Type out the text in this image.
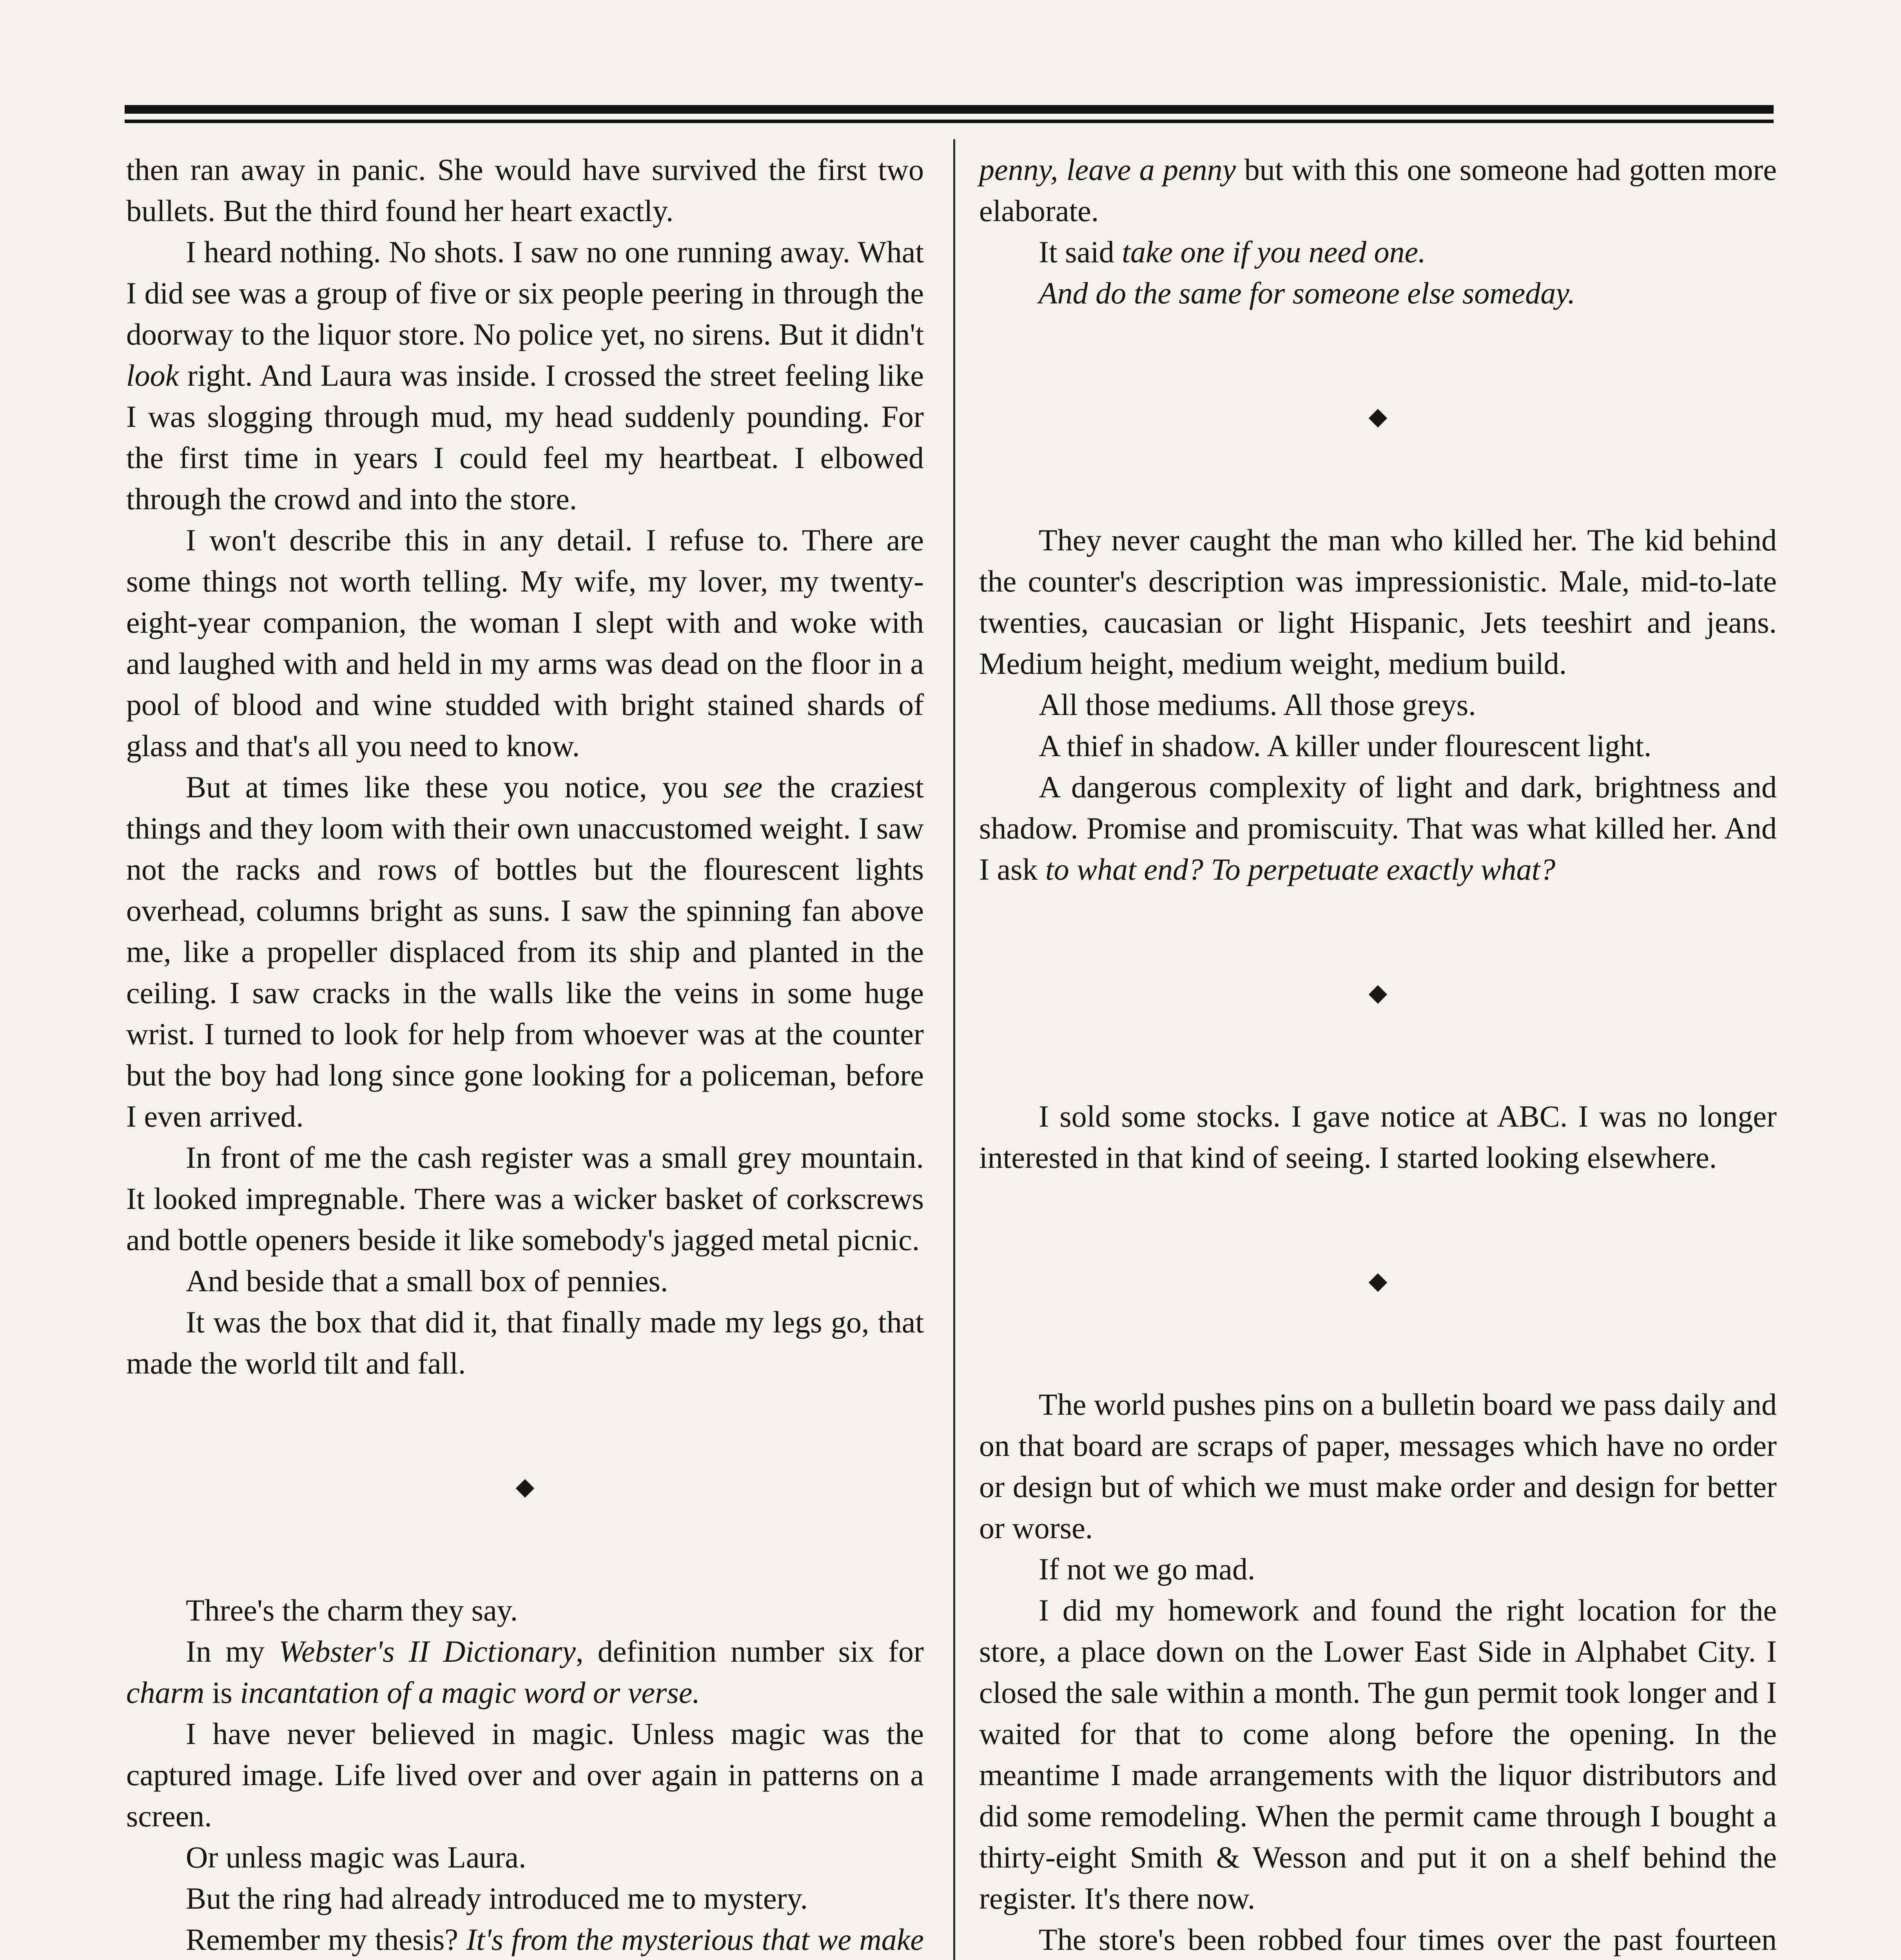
then ran away in panic. She would have survived the first two bullets. But the third found her heart exactly.

I heard nothing. No shots. I saw no one running away. What I did see was a group of five or six people peering in through the doorway to the liquor store. No police yet, no sirens. But it didn't look right. And Laura was inside. I crossed the street feeling like I was slogging through mud, my head suddenly pounding. For the first time in years I could feel my heartbeat. I elbowed through the crowd and into the store.

I won't describe this in any detail. I refuse to. There are some things not worth telling. My wife, my lover, my twenty-eight-year companion, the woman I slept with and woke with and laughed with and held in my arms was dead on the floor in a pool of blood and wine studded with bright stained shards of glass and that's all you need to know.

But at times like these you notice, you see the craziest things and they loom with their own unaccustomed weight. I saw not the racks and rows of bottles but the flourescent lights overhead, columns bright as suns. I saw the spinning fan above me, like a propeller displaced from its ship and planted in the ceiling. I saw cracks in the walls like the veins in some huge wrist. I turned to look for help from whoever was at the counter but the boy had long since gone looking for a policeman, before I even arrived.

In front of me the cash register was a small grey mountain. It looked impregnable. There was a wicker basket of corkscrews and bottle openers beside it like somebody's jagged metal picnic.

And beside that a small box of pennies.

It was the box that did it, that finally made my legs go, that made the world tilt and fall.

◆

Three's the charm they say.

In my Webster's II Dictionary, definition number six for charm is incantation of a magic word or verse.

I have never believed in magic. Unless magic was the captured image. Life lived over and over again in patterns on a screen.

Or unless magic was Laura.

But the ring had already introduced me to mystery.

Remember my thesis? It's from the mysterious that we make

penny, leave a penny but with this one someone had gotten more elaborate.

It said take one if you need one.

And do the same for someone else someday.

◆

They never caught the man who killed her. The kid behind the counter's description was impressionistic. Male, mid-to-late twenties, caucasian or light Hispanic, Jets teeshirt and jeans. Medium height, medium weight, medium build.

All those mediums. All those greys.

A thief in shadow. A killer under flourescent light.

A dangerous complexity of light and dark, brightness and shadow. Promise and promiscuity. That was what killed her. And I ask to what end? To perpetuate exactly what?

◆

I sold some stocks. I gave notice at ABC. I was no longer interested in that kind of seeing. I started looking elsewhere.

◆

The world pushes pins on a bulletin board we pass daily and on that board are scraps of paper, messages which have no order or design but of which we must make order and design for better or worse.

If not we go mad.

I did my homework and found the right location for the store, a place down on the Lower East Side in Alphabet City. I closed the sale within a month. The gun permit took longer and I waited for that to come along before the opening. In the meantime I made arrangements with the liquor distributors and did some remodeling. When the permit came through I bought a thirty-eight Smith & Wesson and put it on a shelf behind the register. It's there now.

The store's been robbed four times over the past fourteen
